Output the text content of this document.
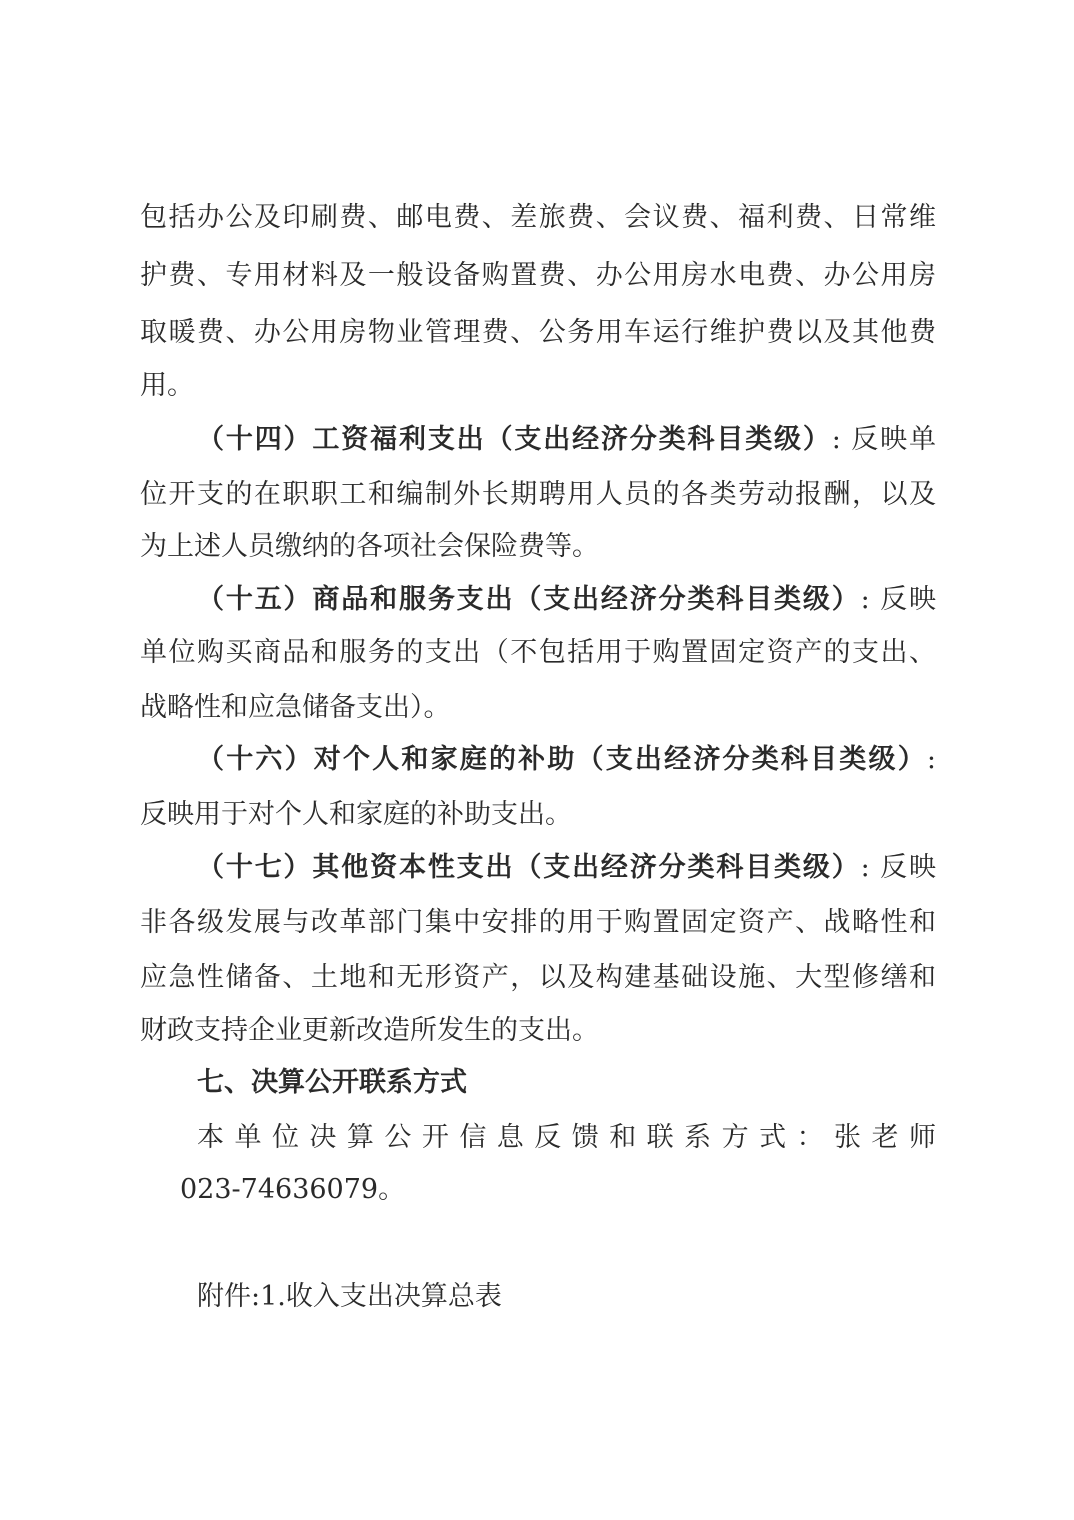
包括办公及印刷费、邮电费、差旅费、会议费、福利费、日常维

护费、专用材料及一般设备购置费、办公用房水电费、办公用房

取暖费、办公用房物业管理费、公务用车运行维护费以及其他费

用。

（十四）工资福利支出（支出经济分类科目类级）: 反映单

位开支的在职职工和编制外长期聘用人员的各类劳动报酬，以及

为上述人员缴纳的各项社会保险费等。

（十五）商品和服务支出（支出经济分类科目类级）: 反映

单位购买商品和服务的支出（不包括用于购置固定资产的支出、

战略性和应急储备支出）。

（十六）对个人和家庭的补助（支出经济分类科目类级）:

反映用于对个人和家庭的补助支出。

（十七）其他资本性支出（支出经济分类科目类级）: 反映

非各级发展与改革部门集中安排的用于购置固定资产、战略性和

应急性储备、土地和无形资产，以及构建基础设施、大型修缮和

财政支持企业更新改造所发生的支出。

七、决算公开联系方式

本单位决算公开信息反馈和联系方式：张老师

023-74636079。

附件:1.收入支出决算总表
